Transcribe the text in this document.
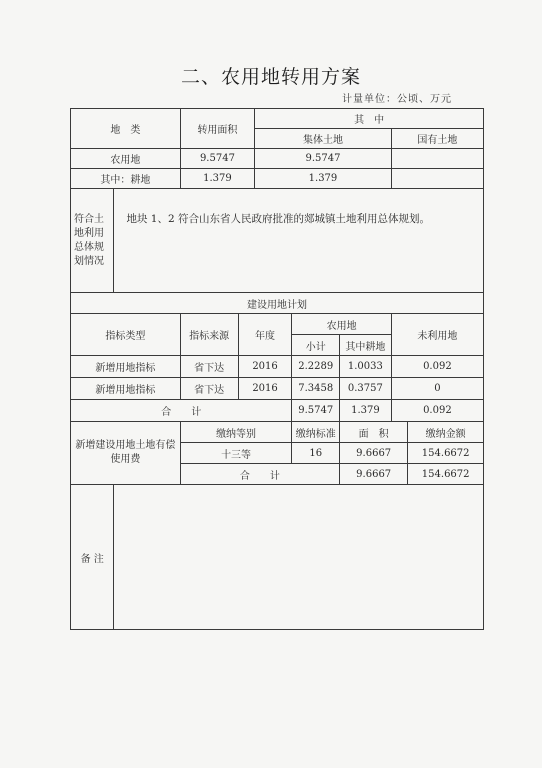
二、农用地转用方案
计量单位：公顷、万元
地　类		转用面积		其　中				
				集体土地			国有土地	
农用地		9.5747		9.5747				
其中：耕地		1.379		1.379				
符合土地利用总体规划情况	地块 1、2 符合山东省人民政府批准的郯城镇土地利用总体规划。							
建设用地计划								
指标类型		指标来源	年度		农用地		未利用地	
					小计	其中耕地		
新增用地指标		省下达	2016		2.2289	1.0033	0.092	
新增用地指标		省下达	2016		7.3458	0.3757	0	
合　　计					9.5747	1.379	0.092	
新增建设用地土地有偿使用费		缴纳等别			缴纳标准	面　积		缴纳金额
		十三等			16	9.6667		154.6672
		合　　计				9.6667		154.6672
备 注								
